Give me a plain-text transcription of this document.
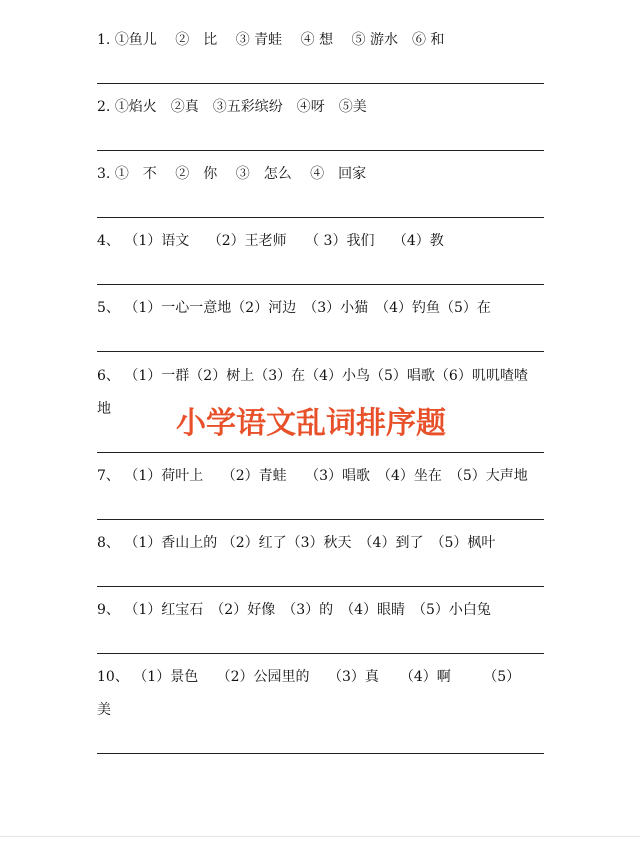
1. ①鱼儿　 ②　比　 ③ 青蛙　 ④ 想　 ⑤ 游水　⑥ 和
2. ①焰火　②真　③五彩缤纷　④呀　⑤美
3. ①　不　 ②　你　 ③　怎么　 ④　回家
4、 （1）语文　 （2）王老师　 （ 3）我们　 （4）教
5、 （1）一心一意地（2）河边　（3）小猫　（4）钓鱼（5）在
6、 （1）一群（2）树上（3）在（4）小鸟（5）唱歌（6）叽叽喳喳
地 小学语文乱词排序题
7、 （1）荷叶上　 （2）青蛙　 （3）唱歌　（4）坐在　（5）大声地
8、 （1）香山上的 （2）红了（3）秋天　（4）到了　（5）枫叶
9、 （1）红宝石　（2）好像　（3）的　（4）眼睛　（5）小白兔
10、 （1）景色　 （2）公园里的　 （3）真　　（4）啊　　 （5）
美
